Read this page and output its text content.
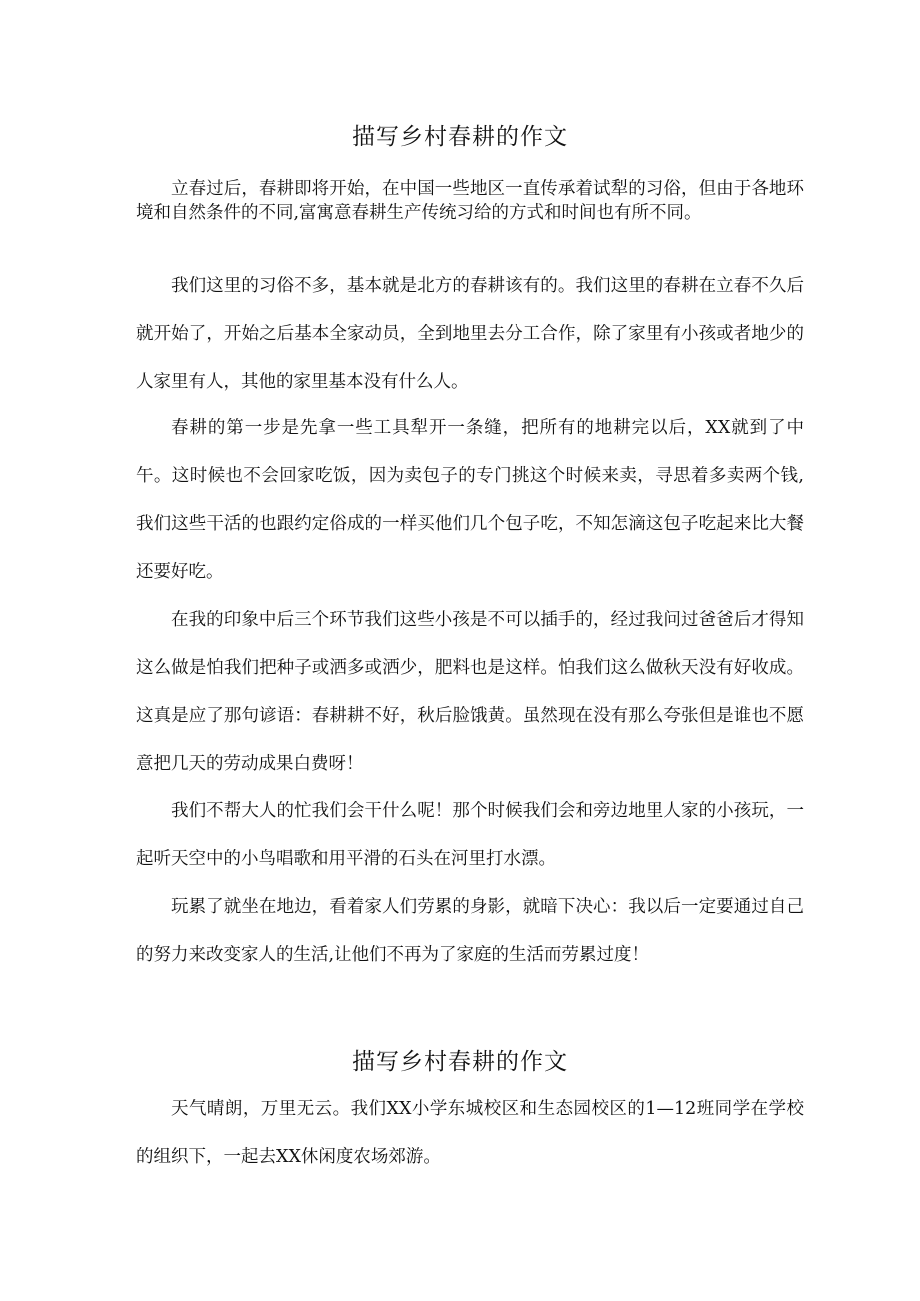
描写乡村春耕的作文

立春过后，春耕即将开始，在中国一些地区一直传承着试犁的习俗，但由于各地环境和自然条件的不同,富寓意春耕生产传统习给的方式和时间也有所不同。

我们这里的习俗不多，基本就是北方的春耕该有的。我们这里的春耕在立春不久后就开始了，开始之后基本全家动员，全到地里去分工合作，除了家里有小孩或者地少的人家里有人，其他的家里基本没有什么人。

春耕的第一步是先拿一些工具犁开一条缝，把所有的地耕完以后，XX就到了中午。这时候也不会回家吃饭，因为卖包子的专门挑这个时候来卖，寻思着多卖两个钱,我们这些干活的也跟约定俗成的一样买他们几个包子吃，不知怎滴这包子吃起来比大餐还要好吃。

在我的印象中后三个环节我们这些小孩是不可以插手的，经过我问过爸爸后才得知这么做是怕我们把种子或洒多或洒少，肥料也是这样。怕我们这么做秋天没有好收成。这真是应了那句谚语：春耕耕不好，秋后脸饿黄。虽然现在没有那么夸张但是谁也不愿意把几天的劳动成果白费呀！

我们不帮大人的忙我们会干什么呢！那个时候我们会和旁边地里人家的小孩玩，一起听天空中的小鸟唱歌和用平滑的石头在河里打水漂。

玩累了就坐在地边，看着家人们劳累的身影，就暗下决心：我以后一定要通过自己的努力来改变家人的生活,让他们不再为了家庭的生活而劳累过度！

描写乡村春耕的作文

天气晴朗，万里无云。我们XX小学东城校区和生态园校区的1—12班同学在学校的组织下，一起去XX休闲度农场郊游。
